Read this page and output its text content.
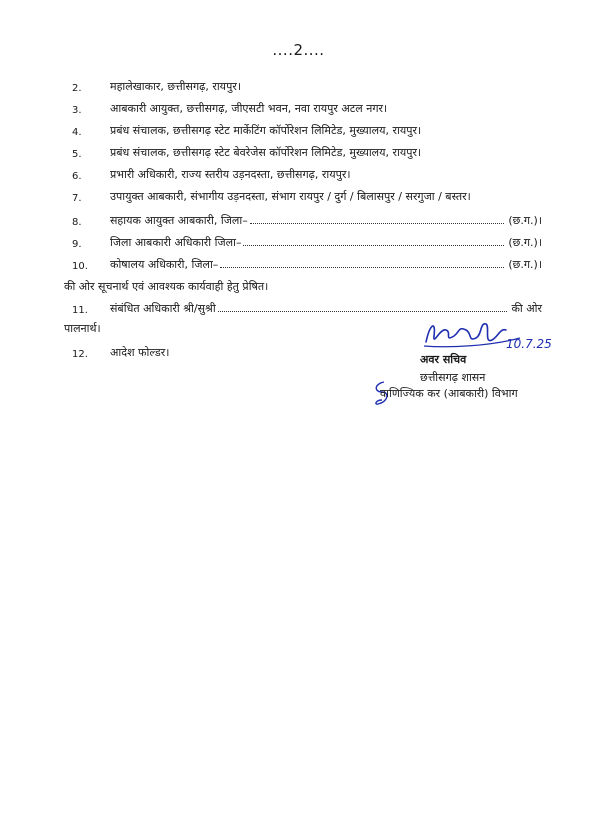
....2....
2.	महालेखाकार, छत्तीसगढ़, रायपुर।
3.	आबकारी आयुक्त, छत्तीसगढ़, जीएसटी भवन, नवा रायपुर अटल नगर।
4.	प्रबंध संचालक, छत्तीसगढ़ स्टेट मार्केटिंग कॉर्पोरेशन लिमिटेड, मुख्यालय, रायपुर।
5.	प्रबंध संचालक, छत्तीसगढ़ स्टेट बेवरेजेस कॉर्पोरेशन लिमिटेड, मुख्यालय, रायपुर।
6.	प्रभारी अधिकारी, राज्य स्तरीय उड़नदस्ता, छत्तीसगढ़, रायपुर।
7.	उपायुक्त आबकारी, संभागीय उड़नदस्ता, संभाग रायपुर / दुर्ग / बिलासपुर / सरगुजा / बस्तर।
8.	सहायक आयुक्त आबकारी, जिला–	(छ.ग.)।
9.	जिला आबकारी अधिकारी जिला–	(छ.ग.)।
10.	कोषालय अधिकारी, जिला–	(छ.ग.)।
की ओर सूचनार्थ एवं आवश्यक कार्यवाही हेतु प्रेषित।
11.	संबंधित अधिकारी श्री/सुश्री	की ओर
पालनार्थ।
12.	आदेश फोल्डर।
10.7.25
अवर सचिव
छत्तीसगढ़ शासन
वाणिज्यिक कर (आबकारी) विभाग
